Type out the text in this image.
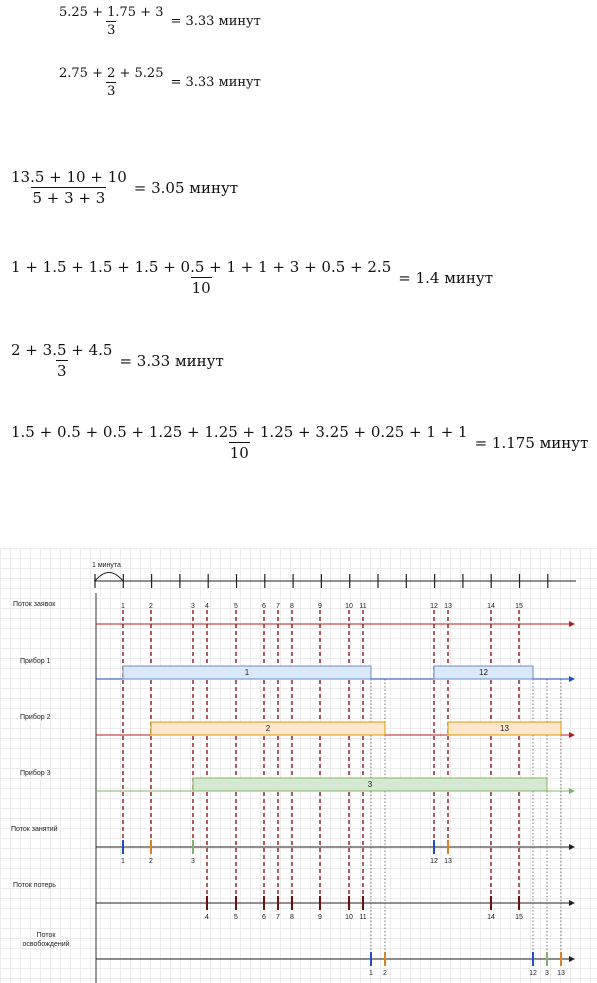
$\frac{5.25 + 1.75 + 3}{3} = 3.33$ минут
$\frac{2.75 + 2 + 5.25}{3} = 3.33$ минут
$\frac{13.5 + 10 + 10}{5 + 3 + 3} = 3.05$ минут
$\frac{1 + 1.5 + 1.5 + 1.5 + 0.5 + 1 + 1 + 3 + 0.5 + 2.5}{10} = 1.4$ минут
$\frac{2 + 3.5 + 4.5}{3} = 3.33$ минут
$\frac{1.5 + 0.5 + 0.5 + 1.25 + 1.25 + 1.25 + 3.25 + 0.25 + 1 + 1}{10} = 1.175$ минут
Поток заявок
Прибор 1
Прибор 2
Прибор 3
Поток занятий
Поток потерь
Поток
освобождений
1 минута
1	2	3 4	5	6 7 8	9	10 11	12 13	14	15
1	12
2	13
3
1	2	3	12 13
4	5	6 7 8	9	10 11	14	15
1 2	12 3 13
